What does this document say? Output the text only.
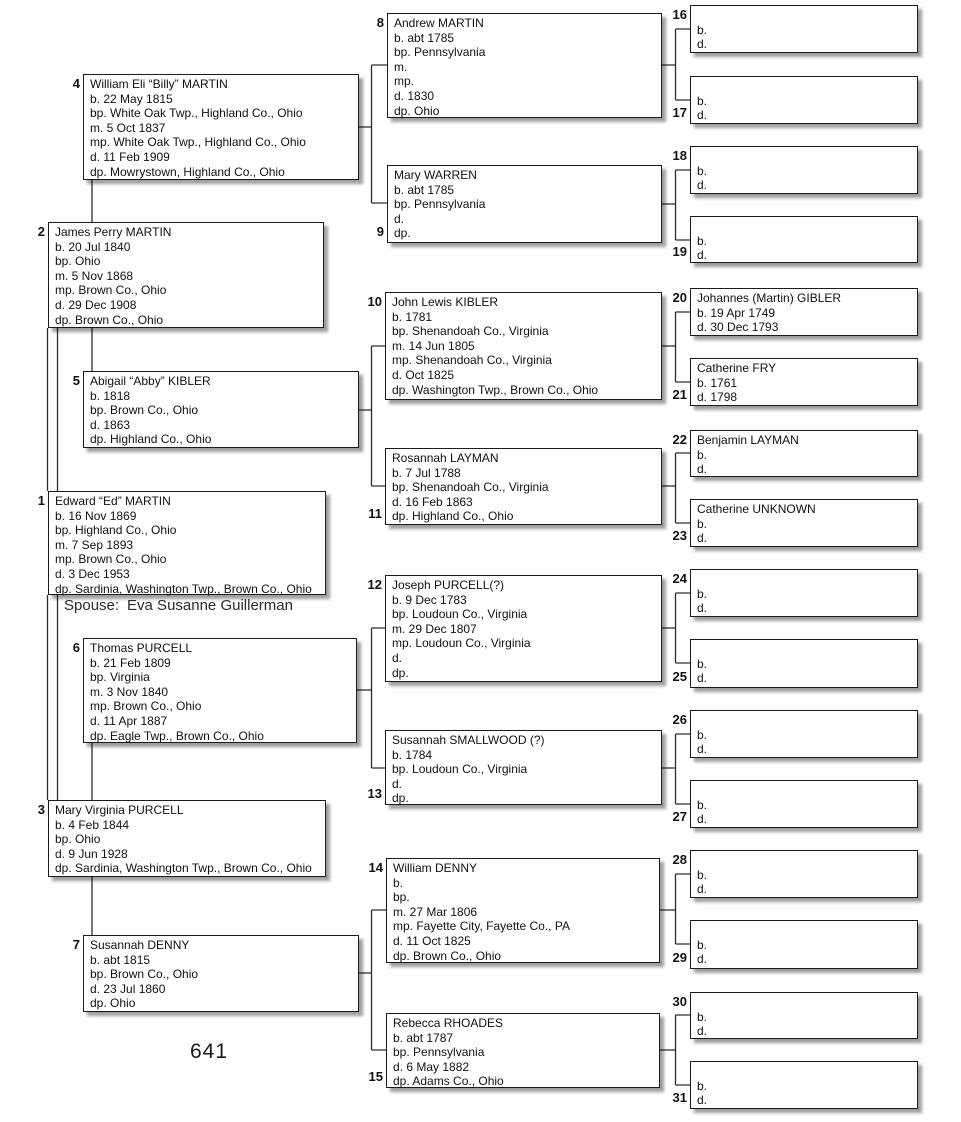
4 William Eli “Billy” MARTIN
b. 22 May 1815
bp. White Oak Twp., Highland Co., Ohio
m. 5 Oct 1837
mp. White Oak Twp., Highland Co., Ohio
d. 11 Feb 1909
dp. Mowrystown, Highland Co., Ohio
2 James Perry MARTIN
b. 20 Jul 1840
bp. Ohio
m. 5 Nov 1868
mp. Brown Co., Ohio
d. 29 Dec 1908
dp. Brown Co., Ohio
5 Abigail “Abby” KIBLER
b. 1818
bp. Brown Co., Ohio
d. 1863
dp. Highland Co., Ohio
1 Edward “Ed” MARTIN
b. 16 Nov 1869
bp. Highland Co., Ohio
m. 7 Sep 1893
mp. Brown Co., Ohio
d. 3 Dec 1953
dp. Sardinia, Washington Twp., Brown Co., Ohio
Spouse: Eva Susanne Guillerman
6 Thomas PURCELL
b. 21 Feb 1809
bp. Virginia
m. 3 Nov 1840
mp. Brown Co., Ohio
d. 11 Apr 1887
dp. Eagle Twp., Brown Co., Ohio
3 Mary Virginia PURCELL
b. 4 Feb 1844
bp. Ohio
d. 9 Jun 1928
dp. Sardinia, Washington Twp., Brown Co., Ohio
7 Susannah DENNY
b. abt 1815
bp. Brown Co., Ohio
d. 23 Jul 1860
dp. Ohio
641
8 Andrew MARTIN
b. abt 1785
bp. Pennsylvania
m.
mp.
d. 1830
dp. Ohio
9
Mary WARREN
b. abt 1785
bp. Pennsylvania
d.
dp.
10 John Lewis KIBLER
b. 1781
bp. Shenandoah Co., Virginia
m. 14 Jun 1805
mp. Shenandoah Co., Virginia
d. Oct 1825
dp. Washington Twp., Brown Co., Ohio
11
Rosannah LAYMAN
b. 7 Jul 1788
bp. Shenandoah Co., Virginia
d. 16 Feb 1863
dp. Highland Co., Ohio
12 Joseph PURCELL(?)
b. 9 Dec 1783
bp. Loudoun Co., Virginia
m. 29 Dec 1807
mp. Loudoun Co., Virginia
d.
dp.
13
Susannah SMALLWOOD (?)
b. 1784
bp. Loudoun Co., Virginia
d.
dp.
14 William DENNY
b.
bp.
m. 27 Mar 1806
mp. Fayette City, Fayette Co., PA
d. 11 Oct 1825
dp. Brown Co., Ohio
15
Rebecca RHOADES
b. abt 1787
bp. Pennsylvania
d. 6 May 1882
dp. Adams Co., Ohio
16
b.
d.
17
b.
d.
18
b.
d.
19
b.
d.
20 Johannes (Martin) GIBLER
b. 19 Apr 1749
d. 30 Dec 1793
21
Catherine FRY
b. 1761
d. 1798
22 Benjamin LAYMAN
b.
d.
23
Catherine UNKNOWN
b.
d.
24
b.
d.
25
b.
d.
26
b.
d.
27
b.
d.
28
b.
d.
29
b.
d.
30
b.
d.
31
b.
d.
